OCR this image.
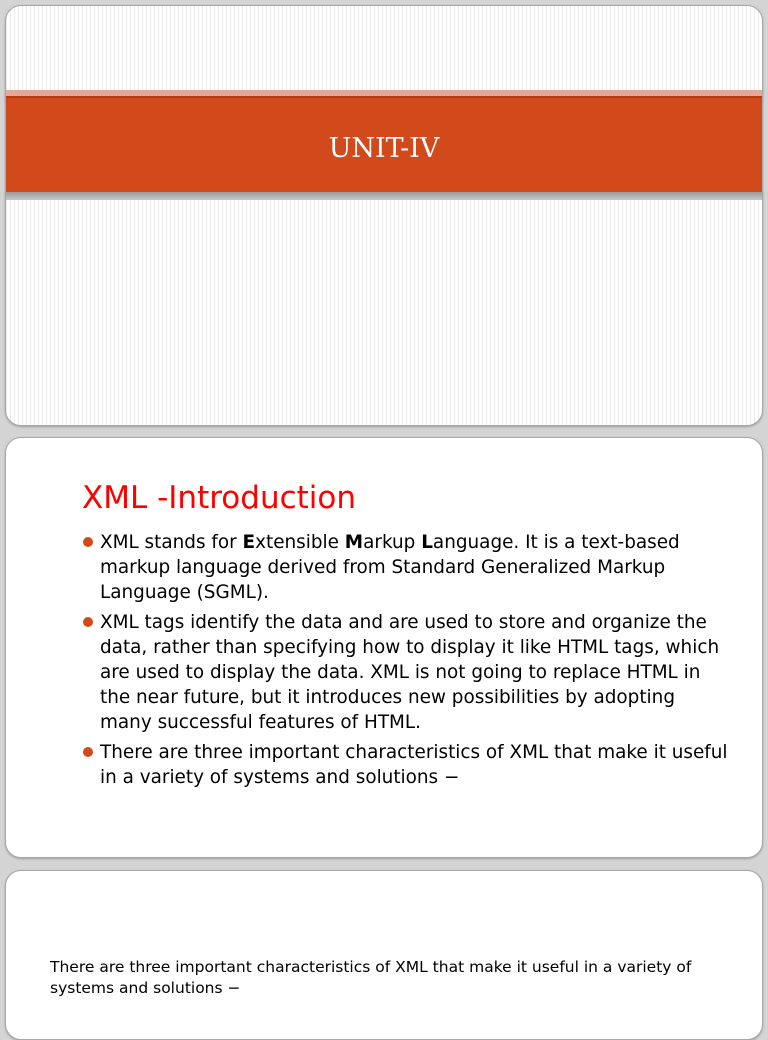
UNIT-IV
XML -Introduction
XML stands for Extensible Markup Language. It is a text-based markup language derived from Standard Generalized Markup Language (SGML).
XML tags identify the data and are used to store and organize the data, rather than specifying how to display it like HTML tags, which are used to display the data. XML is not going to replace HTML in the near future, but it introduces new possibilities by adopting many successful features of HTML.
There are three important characteristics of XML that make it useful in a variety of systems and solutions −

There are three important characteristics of XML that make it useful in a variety of systems and solutions −
